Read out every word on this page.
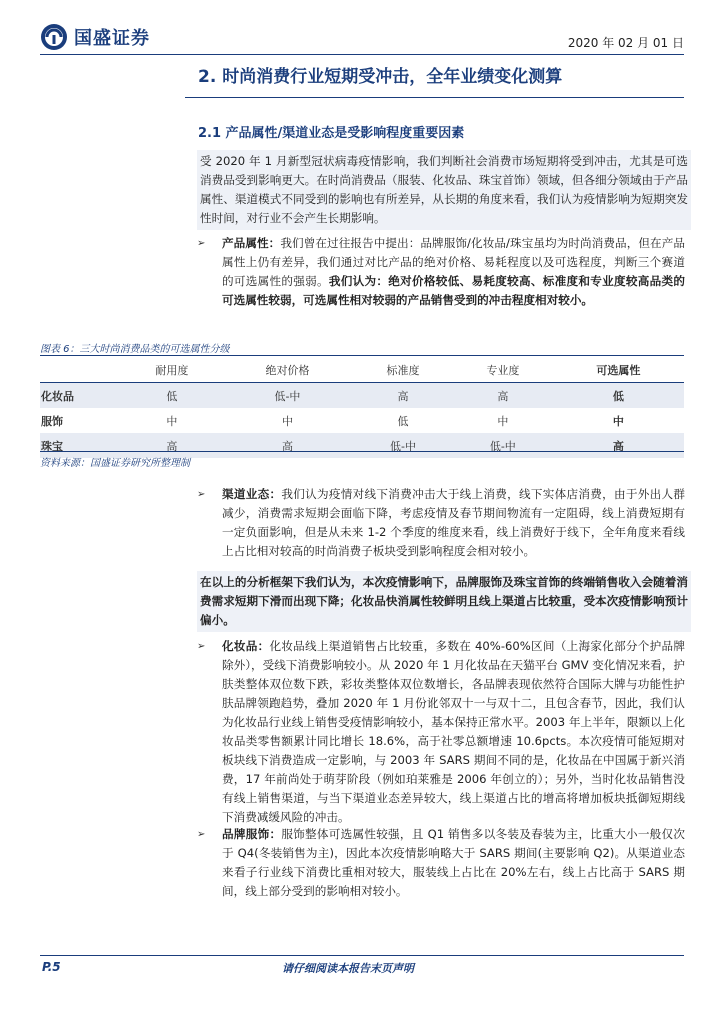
国盛证券	2020 年 02 月 01 日
2. 时尚消费行业短期受冲击，全年业绩变化测算
2.1 产品属性/渠道业态是受影响程度重要因素
受 2020 年 1 月新型冠状病毒疫情影响，我们判断社会消费市场短期将受到冲击，尤其是可选消费品受到影响更大。在时尚消费品（服装、化妆品、珠宝首饰）领域，但各细分领域由于产品属性、渠道模式不同受到的影响也有所差异，从长期的角度来看，我们认为疫情影响为短期突发性时间，对行业不会产生长期影响。
➢ 产品属性：我们曾在过往报告中提出：品牌服饰/化妆品/珠宝虽均为时尚消费品，但在产品属性上仍有差异，我们通过对比产品的绝对价格、易耗程度以及可选程度，判断三个赛道的可选属性的强弱。我们认为：绝对价格较低、易耗度较高、标准度和专业度较高品类的可选属性较弱，可选属性相对较弱的产品销售受到的冲击程度相对较小。
图表 6：三大时尚消费品类的可选属性分级
	耐用度	绝对价格	标准度	专业度	可选属性
化妆品	低	低-中	高	高	低
服饰	中	中	低	中	中
珠宝	高	高	低-中	低-中	高
资料来源：国盛证券研究所整理制
➢ 渠道业态：我们认为疫情对线下消费冲击大于线上消费，线下实体店消费，由于外出人群减少，消费需求短期会面临下降，考虑疫情及春节期间物流有一定阻碍，线上消费短期有一定负面影响，但是从未来 1-2 个季度的维度来看，线上消费好于线下，全年角度来看线上占比相对较高的时尚消费子板块受到影响程度会相对较小。
在以上的分析框架下我们认为，本次疫情影响下，品牌服饰及珠宝首饰的终端销售收入会随着消费需求短期下滑而出现下降；化妆品快消属性较鲜明且线上渠道占比较重，受本次疫情影响预计偏小。
➢ 化妆品：化妆品线上渠道销售占比较重，多数在 40%-60%区间（上海家化部分个护品牌除外），受线下消费影响较小。从 2020 年 1 月化妆品在天猫平台 GMV 变化情况来看，护肤类整体双位数下跌，彩妆类整体双位数增长，各品牌表现依然符合国际大牌与功能性护肤品牌领跑趋势，叠加 2020 年 1 月份讹邻双十一与双十二，且包含春节，因此，我们认为化妆品行业线上销售受疫情影响较小，基本保持正常水平。2003 年上半年，限额以上化妆品类零售额累计同比增长 18.6%，高于社零总额增速 10.6pcts。本次疫情可能短期对板块线下消费造成一定影响，与 2003 年 SARS 期间不同的是，化妆品在中国属于新兴消费，17 年前尚处于萌芽阶段（例如珀莱雅是 2006 年创立的）；另外，当时化妆品销售没有线上销售渠道，与当下渠道业态差异较大，线上渠道占比的增高将增加板块抵御短期线下消费减缓风险的冲击。
➢ 品牌服饰：服饰整体可选属性较强，且 Q1 销售多以冬装及春装为主，比重大小一般仅次于 Q4(冬装销售为主)，因此本次疫情影响略大于 SARS 期间(主要影响 Q2)。从渠道业态来看子行业线下消费比重相对较大，服装线上占比在 20%左右，线上占比高于 SARS 期间，线上部分受到的影响相对较小。
P.5	请仔细阅读本报告末页声明
